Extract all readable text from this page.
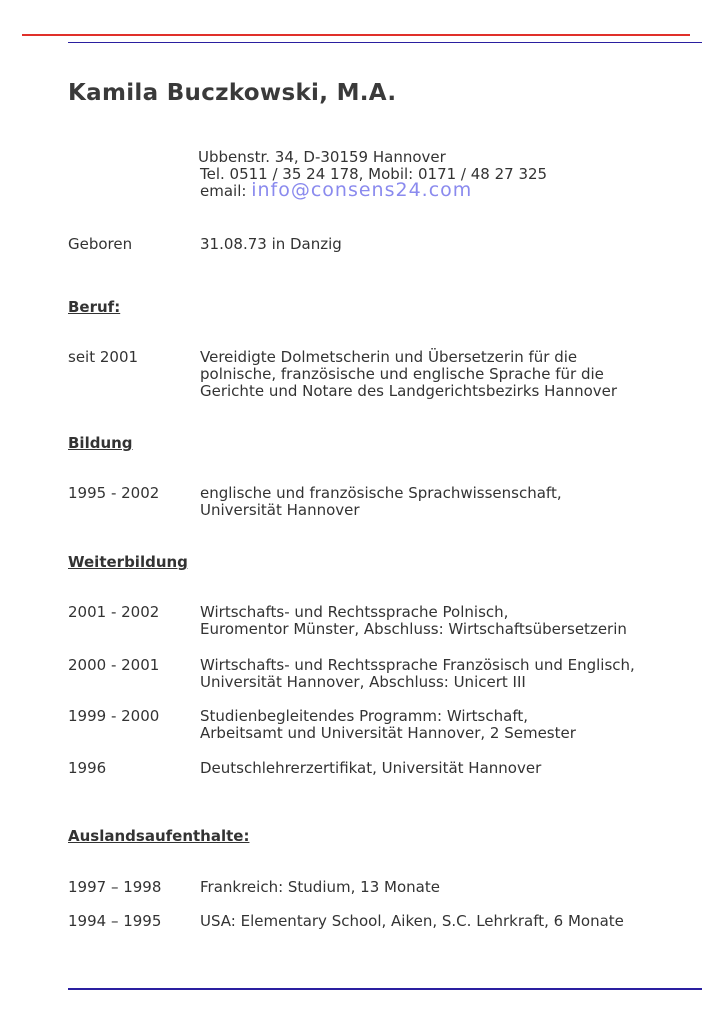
Kamila Buczkowski, M.A.
Ubbenstr. 34, D-30159 Hannover
Tel. 0511 / 35 24 178, Mobil: 0171 / 48 27 325
email: info@consens24.com
Geboren	31.08.73 in Danzig
Beruf:
seit 2001	Vereidigte Dolmetscherin und Übersetzerin für die
polnische, französische und englische Sprache für die
Gerichte und Notare des Landgerichtsbezirks Hannover
Bildung
1995 - 2002	englische und französische Sprachwissenschaft,
Universität Hannover
Weiterbildung
2001 - 2002	Wirtschafts- und Rechtssprache Polnisch,
Euromentor Münster, Abschluss: Wirtschaftsübersetzerin
2000 - 2001	Wirtschafts- und Rechtssprache Französisch und Englisch,
Universität Hannover, Abschluss: Unicert III
1999 - 2000	Studienbegleitendes Programm: Wirtschaft,
Arbeitsamt und Universität Hannover, 2 Semester
1996	Deutschlehrerzertifikat, Universität Hannover
Auslandsaufenthalte:
1997 – 1998	Frankreich: Studium, 13 Monate
1994 – 1995	USA: Elementary School, Aiken, S.C. Lehrkraft, 6 Monate
